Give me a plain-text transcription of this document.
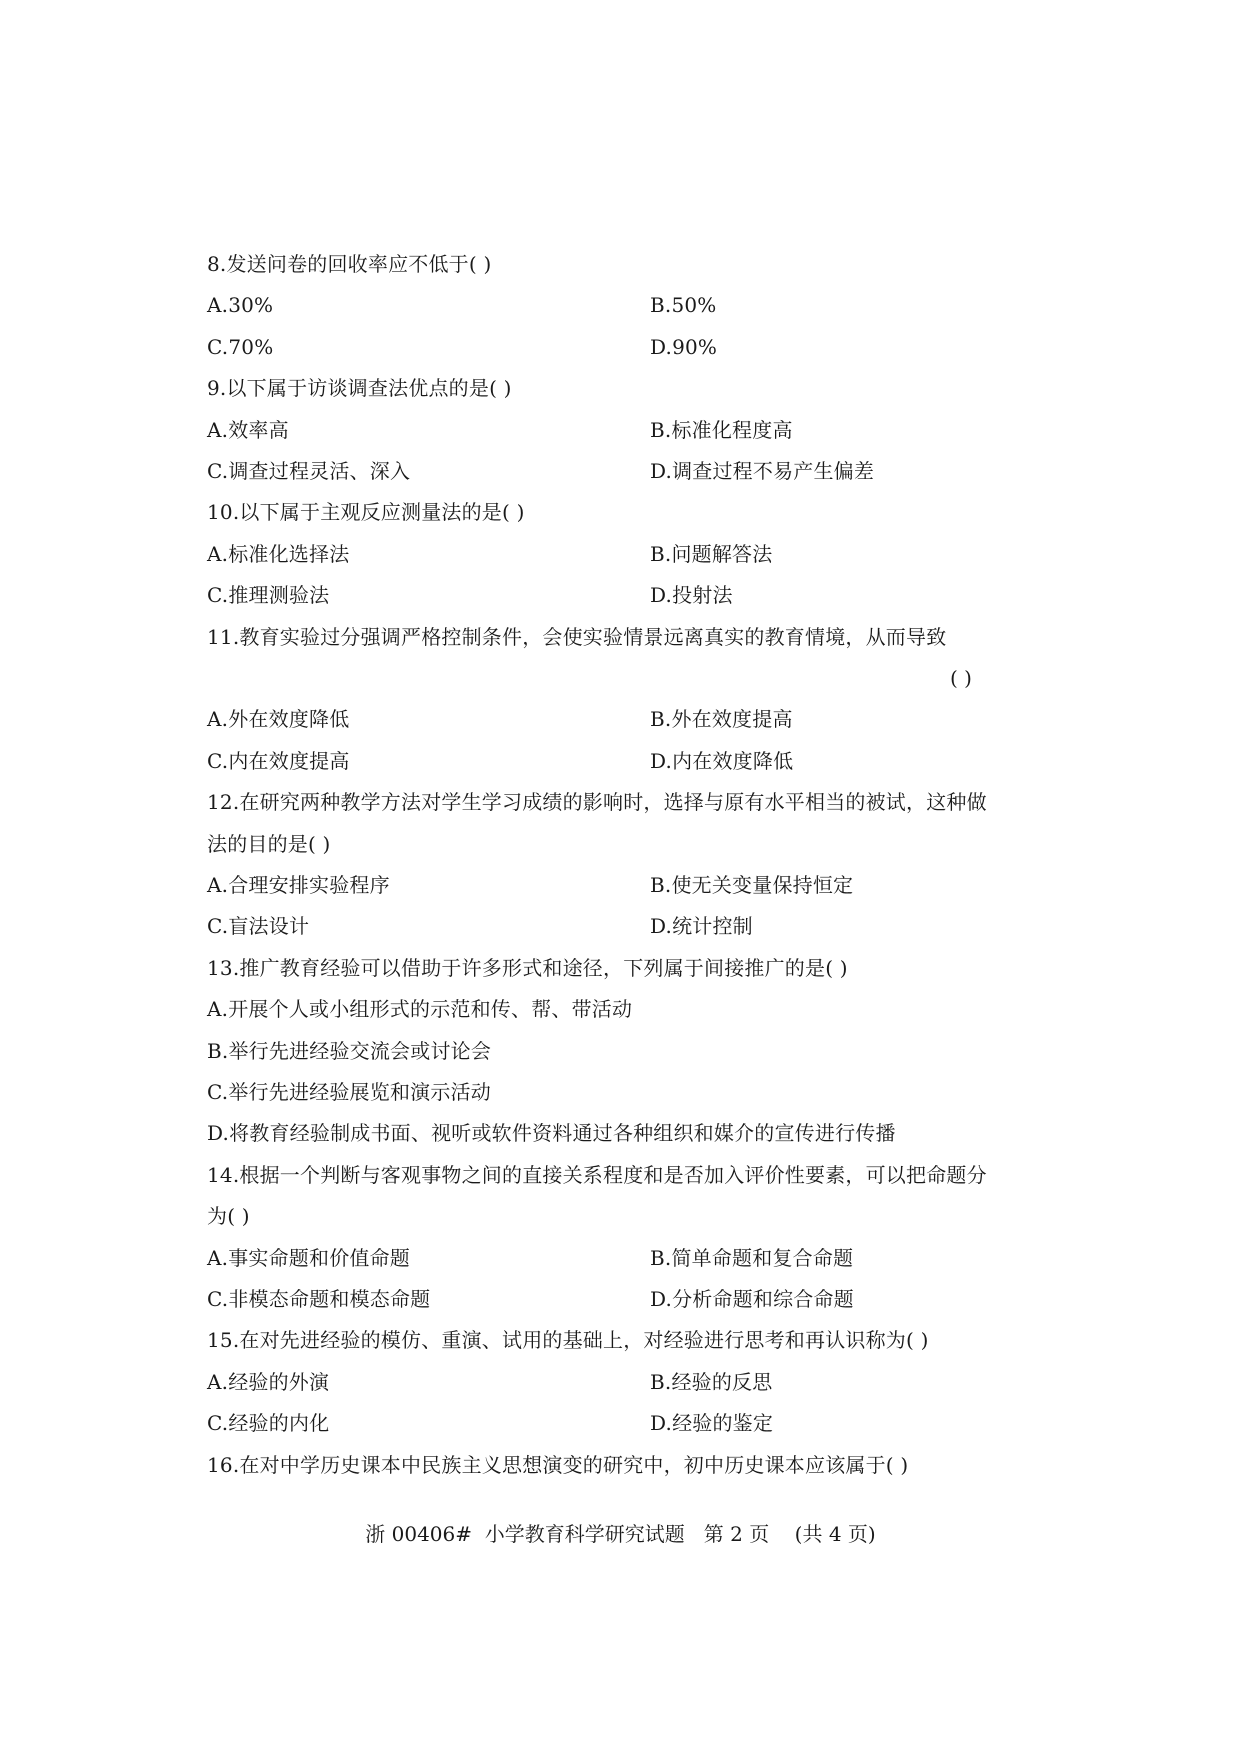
8.发送问卷的回收率应不低于( )
A.30%	B.50%
C.70%	D.90%
9.以下属于访谈调查法优点的是( )
A.效率高	B.标准化程度高
C.调查过程灵活、深入	D.调查过程不易产生偏差
10.以下属于主观反应测量法的是( )
A.标准化选择法	B.问题解答法
C.推理测验法	D.投射法
11.教育实验过分强调严格控制条件，会使实验情景远离真实的教育情境，从而导致
( )
A.外在效度降低	B.外在效度提高
C.内在效度提高	D.内在效度降低
12.在研究两种教学方法对学生学习成绩的影响时，选择与原有水平相当的被试，这种做
法的目的是( )
A.合理安排实验程序	B.使无关变量保持恒定
C.盲法设计	D.统计控制
13.推广教育经验可以借助于许多形式和途径，下列属于间接推广的是( )
A.开展个人或小组形式的示范和传、帮、带活动
B.举行先进经验交流会或讨论会
C.举行先进经验展览和演示活动
D.将教育经验制成书面、视听或软件资料通过各种组织和媒介的宣传进行传播
14.根据一个判断与客观事物之间的直接关系程度和是否加入评价性要素，可以把命题分
为( )
A.事实命题和价值命题	B.简单命题和复合命题
C.非模态命题和模态命题	D.分析命题和综合命题
15.在对先进经验的模仿、重演、试用的基础上，对经验进行思考和再认识称为( )
A.经验的外演	B.经验的反思
C.经验的内化	D.经验的鉴定
16.在对中学历史课本中民族主义思想演变的研究中，初中历史课本应该属于( )
浙 00406#  小学教育科学研究试题   第 2 页    (共 4 页)
